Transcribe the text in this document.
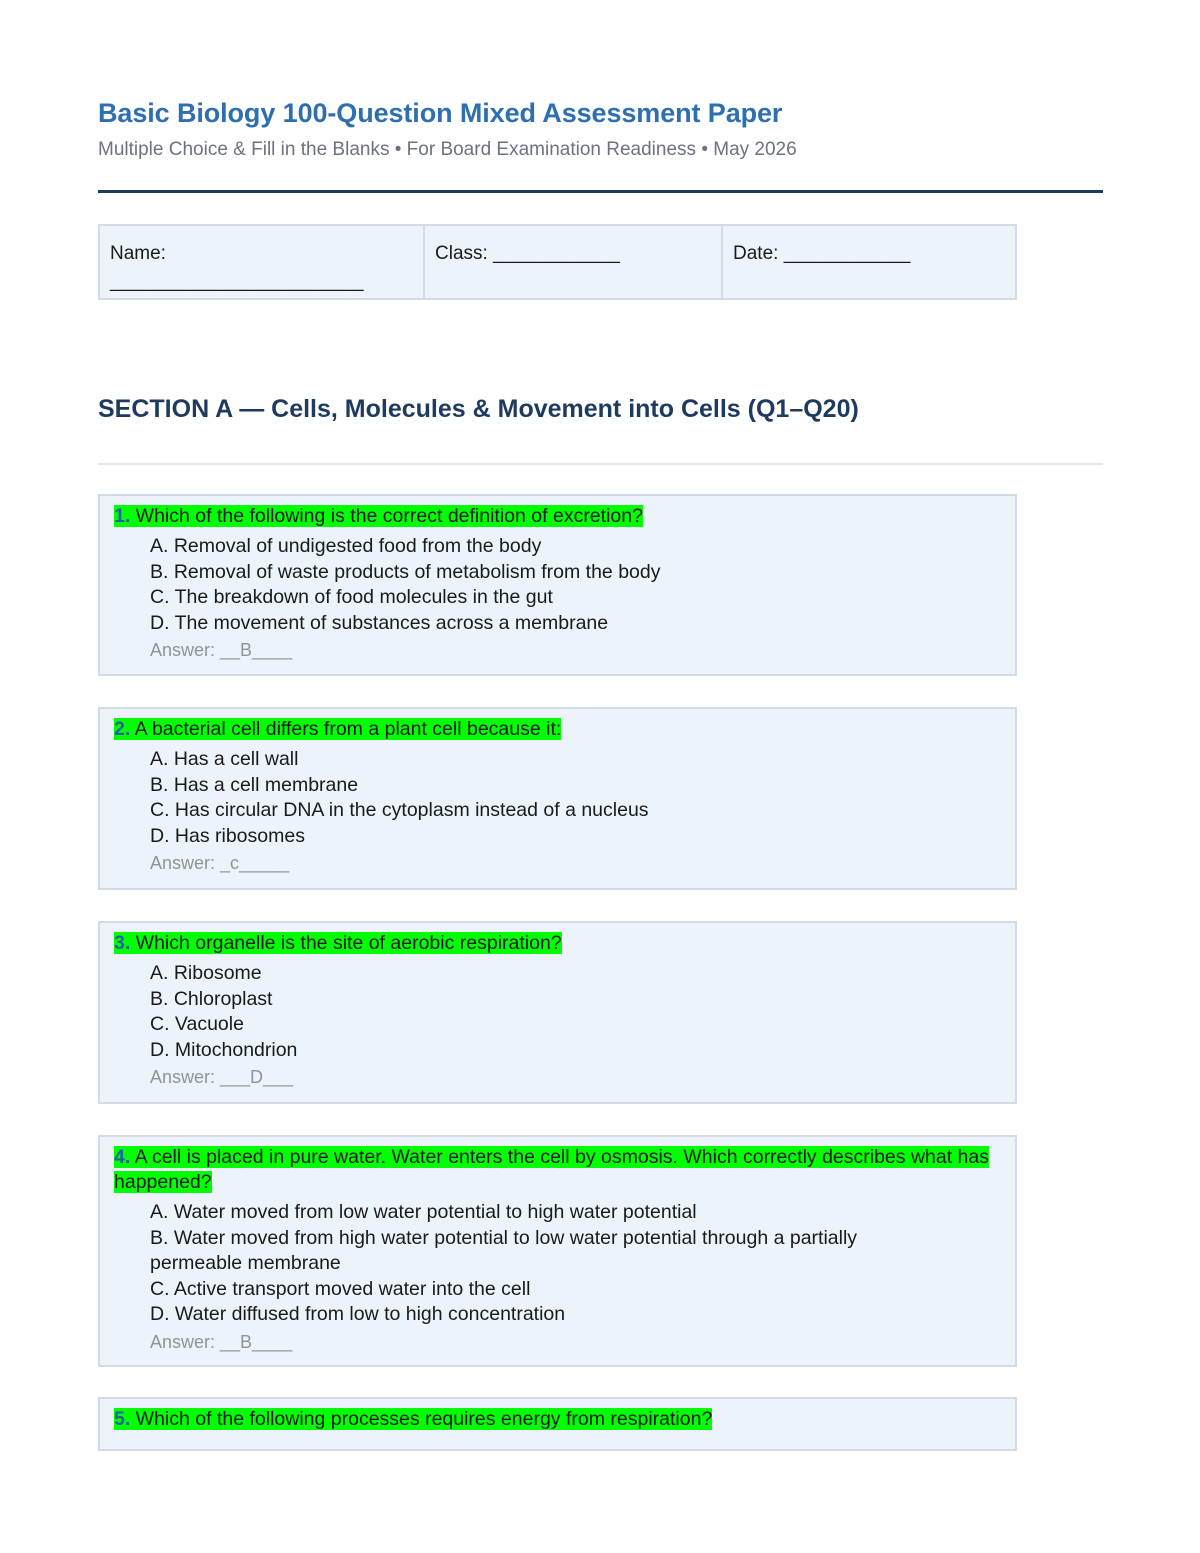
Basic Biology 100-Question Mixed Assessment Paper
Multiple Choice & Fill in the Blanks • For Board Examination Readiness • May 2026
Name: ________________________
Class: ____________	Date: ____________
SECTION A — Cells, Molecules & Movement into Cells (Q1–Q20)
1. Which of the following is the correct definition of excretion?
A. Removal of undigested food from the body
B. Removal of waste products of metabolism from the body
C. The breakdown of food molecules in the gut
D. The movement of substances across a membrane
Answer: __B____
2. A bacterial cell differs from a plant cell because it:
A. Has a cell wall
B. Has a cell membrane
C. Has circular DNA in the cytoplasm instead of a nucleus
D. Has ribosomes
Answer: _c_____
3. Which organelle is the site of aerobic respiration?
A. Ribosome
B. Chloroplast
C. Vacuole
D. Mitochondrion
Answer: ___D___
4. A cell is placed in pure water. Water enters the cell by osmosis. Which correctly describes what has happened?
A. Water moved from low water potential to high water potential
B. Water moved from high water potential to low water potential through a partially permeable membrane
C. Active transport moved water into the cell
D. Water diffused from low to high concentration
Answer: __B____
5. Which of the following processes requires energy from respiration?
